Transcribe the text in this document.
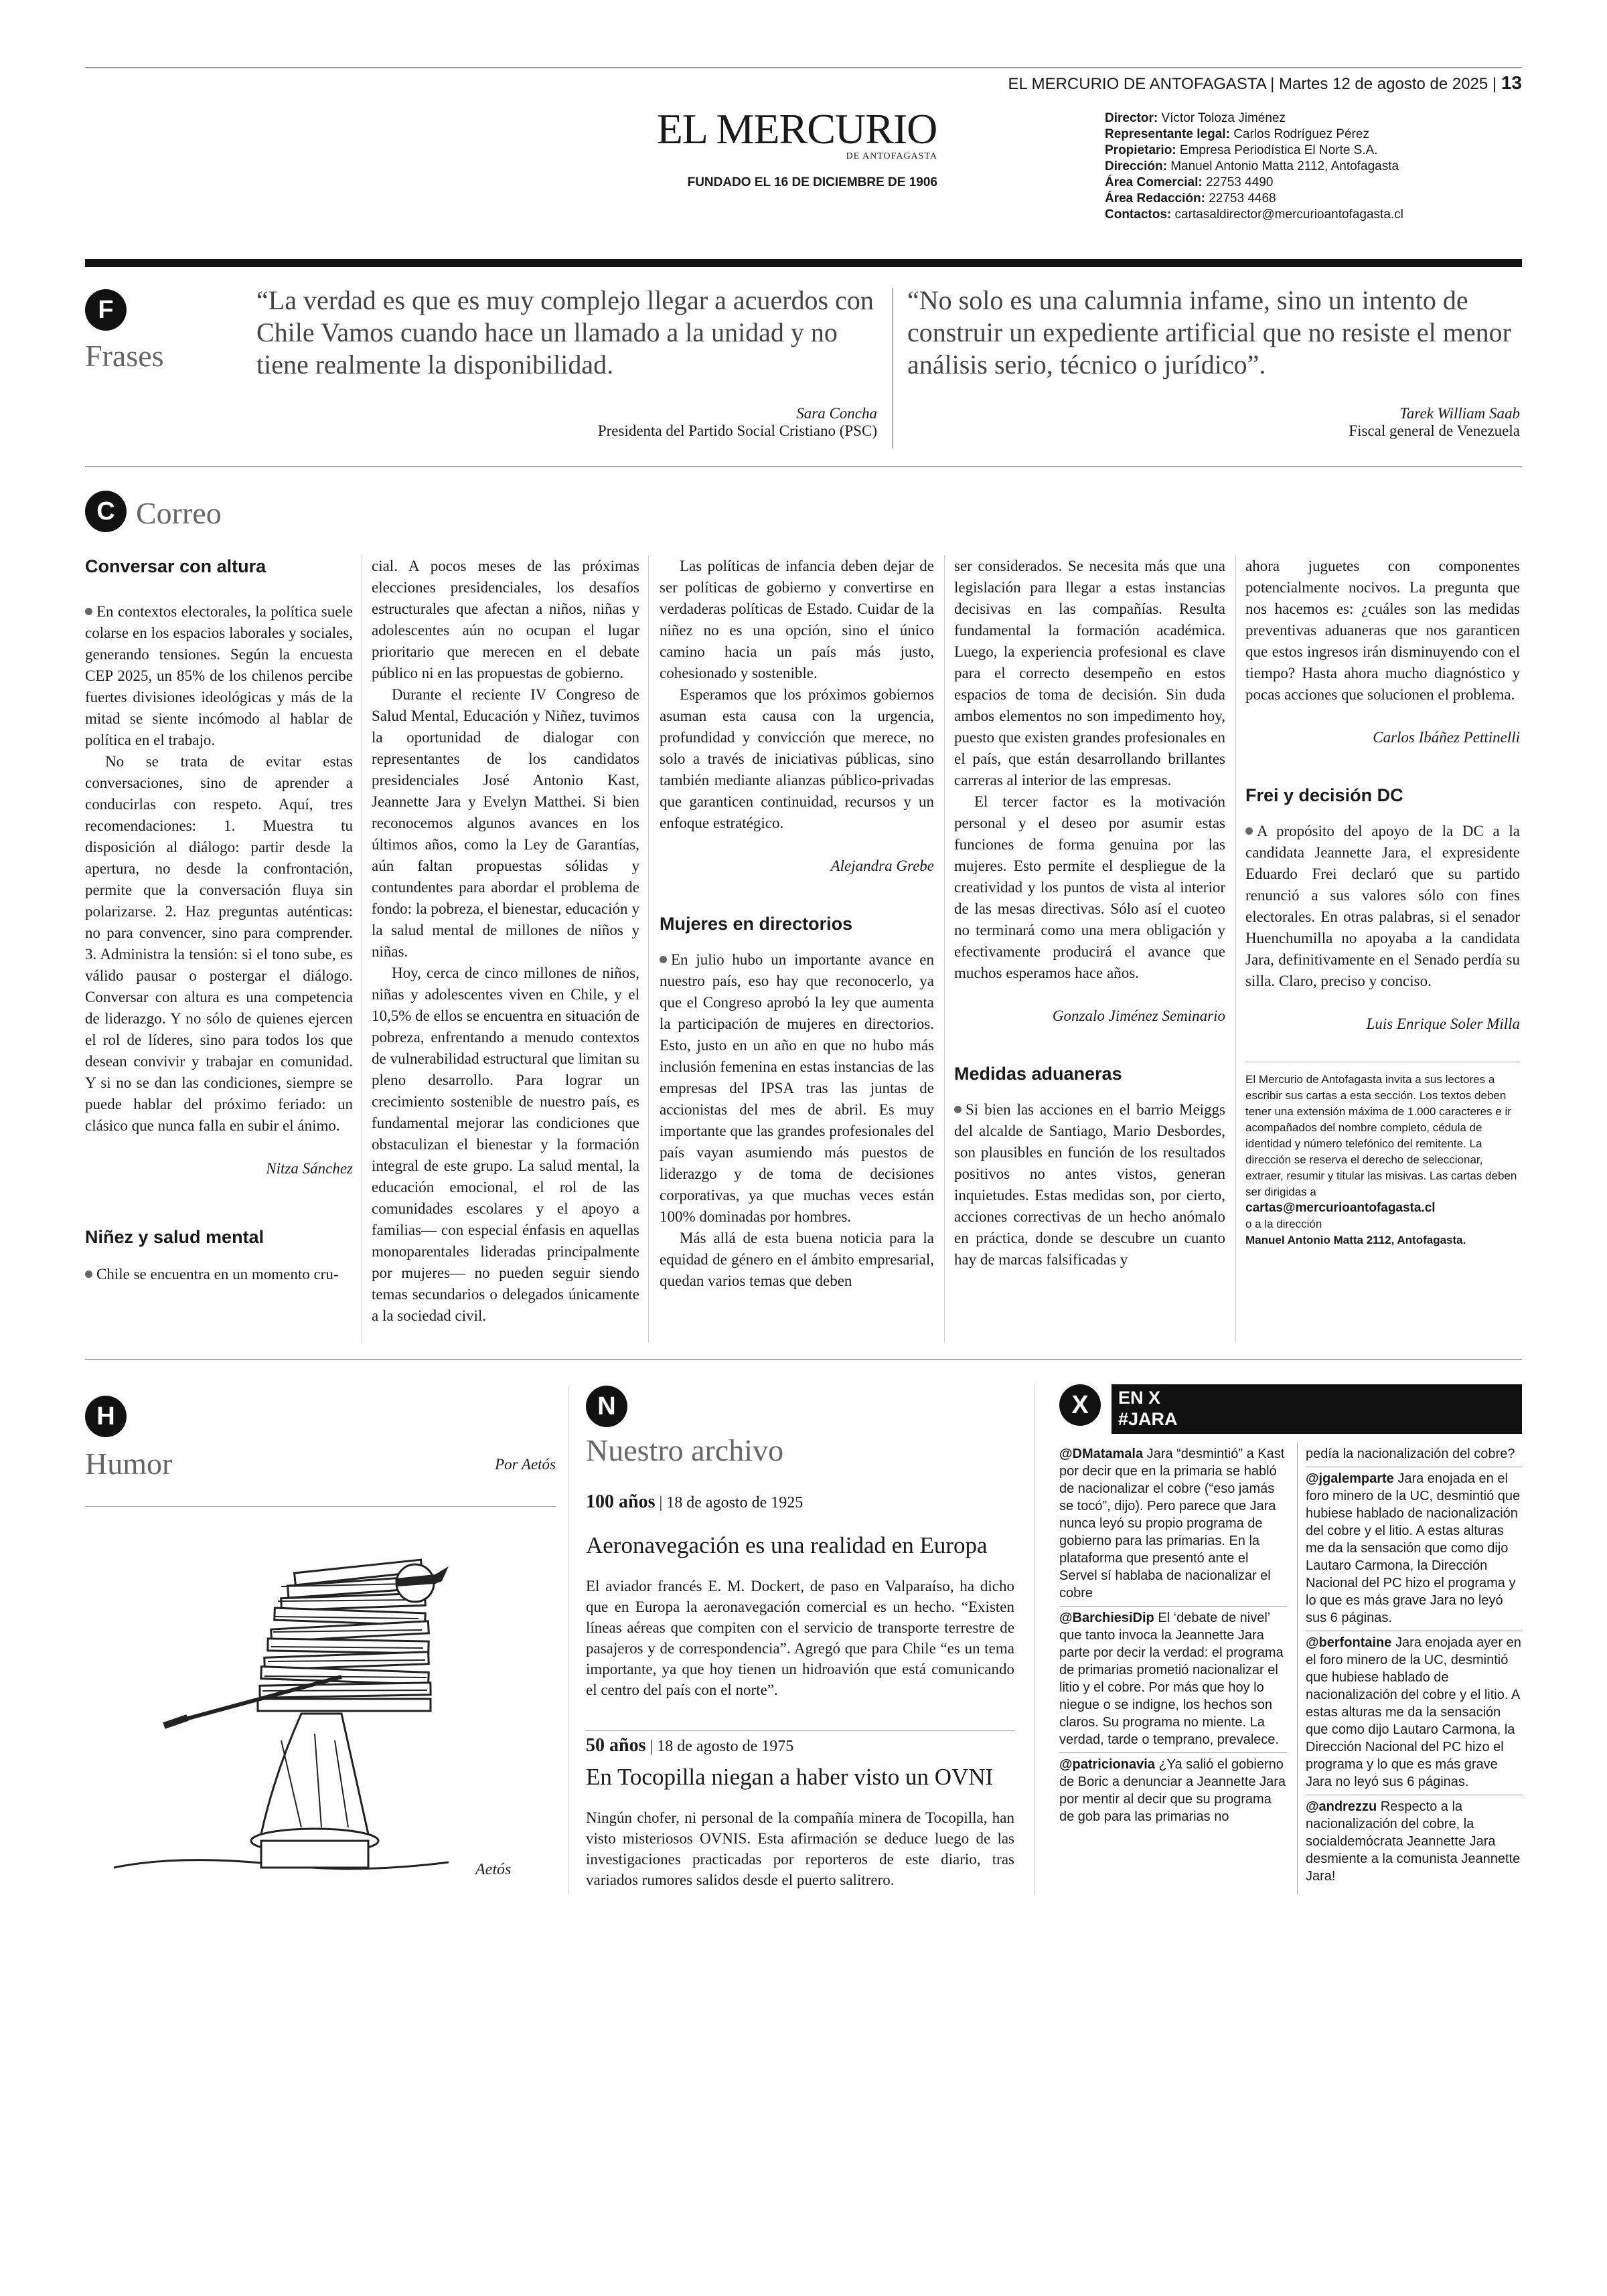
EL MERCURIO DE ANTOFAGASTA | Martes 12 de agosto de 2025 | 13
EL MERCURIO
DE ANTOFAGASTA
FUNDADO EL 16 DE DICIEMBRE DE 1906
Director: Víctor Toloza Jiménez
Representante legal: Carlos Rodríguez Pérez
Propietario: Empresa Periodística El Norte S.A.
Dirección: Manuel Antonio Matta 2112, Antofagasta
Área Comercial: 22753 4490
Área Redacción: 22753 4468
Contactos: cartasaldirector@mercurioantofagasta.cl
F
Frases
“La verdad es que es muy complejo llegar a acuerdos con Chile Vamos cuando hace un llamado a la unidad y no tiene realmente la disponibilidad.
Sara Concha
Presidenta del Partido Social Cristiano (PSC)
“No solo es una calumnia infame, sino un intento de construir un expediente artificial que no resiste el menor análisis serio, técnico o jurídico”.
Tarek William Saab
Fiscal general de Venezuela
C Correo
Conversar con altura

En contextos electorales, la política suele colarse en los espacios laborales y sociales, generando tensiones. Según la encuesta CEP 2025, un 85% de los chilenos percibe fuertes divisiones ideológicas y más de la mitad se siente incómodo al hablar de política en el trabajo.

No se trata de evitar estas conversaciones, sino de aprender a conducirlas con respeto. Aquí, tres recomendaciones: 1. Muestra tu disposición al diálogo: partir desde la apertura, no desde la confrontación, permite que la conversación fluya sin polarizarse. 2. Haz preguntas auténticas: no para convencer, sino para comprender. 3. Administra la tensión: si el tono sube, es válido pausar o postergar el diálogo. Conversar con altura es una competencia de liderazgo. Y no sólo de quienes ejercen el rol de líderes, sino para todos los que desean convivir y trabajar en comunidad. Y si no se dan las condiciones, siempre se puede hablar del próximo feriado: un clásico que nunca falla en subir el ánimo.

Nitza Sánchez

Niñez y salud mental

Chile se encuentra en un momento cru-

cial. A pocos meses de las próximas elecciones presidenciales, los desafíos estructurales que afectan a niños, niñas y adolescentes aún no ocupan el lugar prioritario que merecen en el debate público ni en las propuestas de gobierno.

Durante el reciente IV Congreso de Salud Mental, Educación y Niñez, tuvimos la oportunidad de dialogar con representantes de los candidatos presidenciales José Antonio Kast, Jeannette Jara y Evelyn Matthei. Si bien reconocemos algunos avances en los últimos años, como la Ley de Garantías, aún faltan propuestas sólidas y contundentes para abordar el problema de fondo: la pobreza, el bienestar, educación y la salud mental de millones de niños y niñas.

Hoy, cerca de cinco millones de niños, niñas y adolescentes viven en Chile, y el 10,5% de ellos se encuentra en situación de pobreza, enfrentando a menudo contextos de vulnerabilidad estructural que limitan su pleno desarrollo. Para lograr un crecimiento sostenible de nuestro país, es fundamental mejorar las condiciones que obstaculizan el bienestar y la formación integral de este grupo. La salud mental, la educación emocional, el rol de las comunidades escolares y el apoyo a familias— con especial énfasis en aquellas monoparentales lideradas principalmente por mujeres— no pueden seguir siendo temas secundarios o delegados únicamente a la sociedad civil.

Las políticas de infancia deben dejar de ser políticas de gobierno y convertirse en verdaderas políticas de Estado. Cuidar de la niñez no es una opción, sino el único camino hacia un país más justo, cohesionado y sostenible.

Esperamos que los próximos gobiernos asuman esta causa con la urgencia, profundidad y convicción que merece, no solo a través de iniciativas públicas, sino también mediante alianzas público-privadas que garanticen continuidad, recursos y un enfoque estratégico.

Alejandra Grebe

Mujeres en directorios

En julio hubo un importante avance en nuestro país, eso hay que reconocerlo, ya que el Congreso aprobó la ley que aumenta la participación de mujeres en directorios. Esto, justo en un año en que no hubo más inclusión femenina en estas instancias de las empresas del IPSA tras las juntas de accionistas del mes de abril. Es muy importante que las grandes profesionales del país vayan asumiendo más puestos de liderazgo y de toma de decisiones corporativas, ya que muchas veces están 100% dominadas por hombres.

Más allá de esta buena noticia para la equidad de género en el ámbito empresarial, quedan varios temas que deben

ser considerados. Se necesita más que una legislación para llegar a estas instancias decisivas en las compañías. Resulta fundamental la formación académica. Luego, la experiencia profesional es clave para el correcto desempeño en estos espacios de toma de decisión. Sin duda ambos elementos no son impedimento hoy, puesto que existen grandes profesionales en el país, que están desarrollando brillantes carreras al interior de las empresas.

El tercer factor es la motivación personal y el deseo por asumir estas funciones de forma genuina por las mujeres. Esto permite el despliegue de la creatividad y los puntos de vista al interior de las mesas directivas. Sólo así el cuoteo no terminará como una mera obligación y efectivamente producirá el avance que muchos esperamos hace años.

Gonzalo Jiménez Seminario

Medidas aduaneras

Si bien las acciones en el barrio Meiggs del alcalde de Santiago, Mario Desbordes, son plausibles en función de los resultados positivos no antes vistos, generan inquietudes. Estas medidas son, por cierto, acciones correctivas de un hecho anómalo en práctica, donde se descubre un cuanto hay de marcas falsificadas y

ahora juguetes con componentes potencialmente nocivos. La pregunta que nos hacemos es: ¿cuáles son las medidas preventivas aduaneras que nos garanticen que estos ingresos irán disminuyendo con el tiempo? Hasta ahora mucho diagnóstico y pocas acciones que solucionen el problema.

Carlos Ibáñez Pettinelli

Frei y decisión DC

A propósito del apoyo de la DC a la candidata Jeannette Jara, el expresidente Eduardo Frei declaró que su partido renunció a sus valores sólo con fines electorales. En otras palabras, si el senador Huenchumilla no apoyaba a la candidata Jara, definitivamente en el Senado perdía su silla. Claro, preciso y conciso.

Luis Enrique Soler Milla

El Mercurio de Antofagasta invita a sus lectores a escribir sus cartas a esta sección. Los textos deben tener una extensión máxima de 1.000 caracteres e ir acompañados del nombre completo, cédula de identidad y número telefónico del remitente. La dirección se reserva el derecho de seleccionar, extraer, resumir y titular las misivas. Las cartas deben ser dirigidas a
cartas@mercurioantofagasta.cl
o a la dirección
Manuel Antonio Matta 2112, Antofagasta.
H
Humor	Por Aetós
Aetós
N
Nuestro archivo
100 años | 18 de agosto de 1925
Aeronavegación es una realidad en Europa
El aviador francés E. M. Dockert, de paso en Valparaíso, ha dicho que en Europa la aeronavegación comercial es un hecho. “Existen líneas aéreas que compiten con el servicio de transporte terrestre de pasajeros y de correspondencia”. Agregó que para Chile “es un tema importante, ya que hoy tienen un hidroavión que está comunicando el centro del país con el norte”.
50 años | 18 de agosto de 1975
En Tocopilla niegan a haber visto un OVNI
Ningún chofer, ni personal de la compañía minera de Tocopilla, han visto misteriosos OVNIS. Esta afirmación se deduce luego de las investigaciones practicadas por reporteros de este diario, tras variados rumores salidos desde el puerto salitrero.
X	EN X
#JARA
@DMatamala Jara “desmintió” a Kast por decir que en la primaria se habló de nacionalizar el cobre (“eso jamás se tocó”, dijo). Pero parece que Jara nunca leyó su propio programa de gobierno para las primarias. En la plataforma que presentó ante el Servel sí hablaba de nacionalizar el cobre
@BarchiesiDip El ‘debate de nivel’ que tanto invoca la Jeannette Jara parte por decir la verdad: el programa de primarias prometió nacionalizar el litio y el cobre. Por más que hoy lo niegue o se indigne, los hechos son claros. Su programa no miente. La verdad, tarde o temprano, prevalece.
@patricionavia ¿Ya salió el gobierno de Boric a denunciar a Jeannette Jara por mentir al decir que su programa de gob para las primarias no
pedía la nacionalización del cobre?
@jgalemparte Jara enojada en el foro minero de la UC, desmintió que hubiese hablado de nacionalización del cobre y el litio. A estas alturas me da la sensación que como dijo Lautaro Carmona, la Dirección Nacional del PC hizo el programa y lo que es más grave Jara no leyó sus 6 páginas.
@berfontaine Jara enojada ayer en el foro minero de la UC, desmintió que hubiese hablado de nacionalización del cobre y el litio. A estas alturas me da la sensación que como dijo Lautaro Carmona, la Dirección Nacional del PC hizo el programa y lo que es más grave Jara no leyó sus 6 páginas.
@andrezzu Respecto a la nacionalización del cobre, la socialdemócrata Jeannette Jara desmiente a la comunista Jeannette Jara!
